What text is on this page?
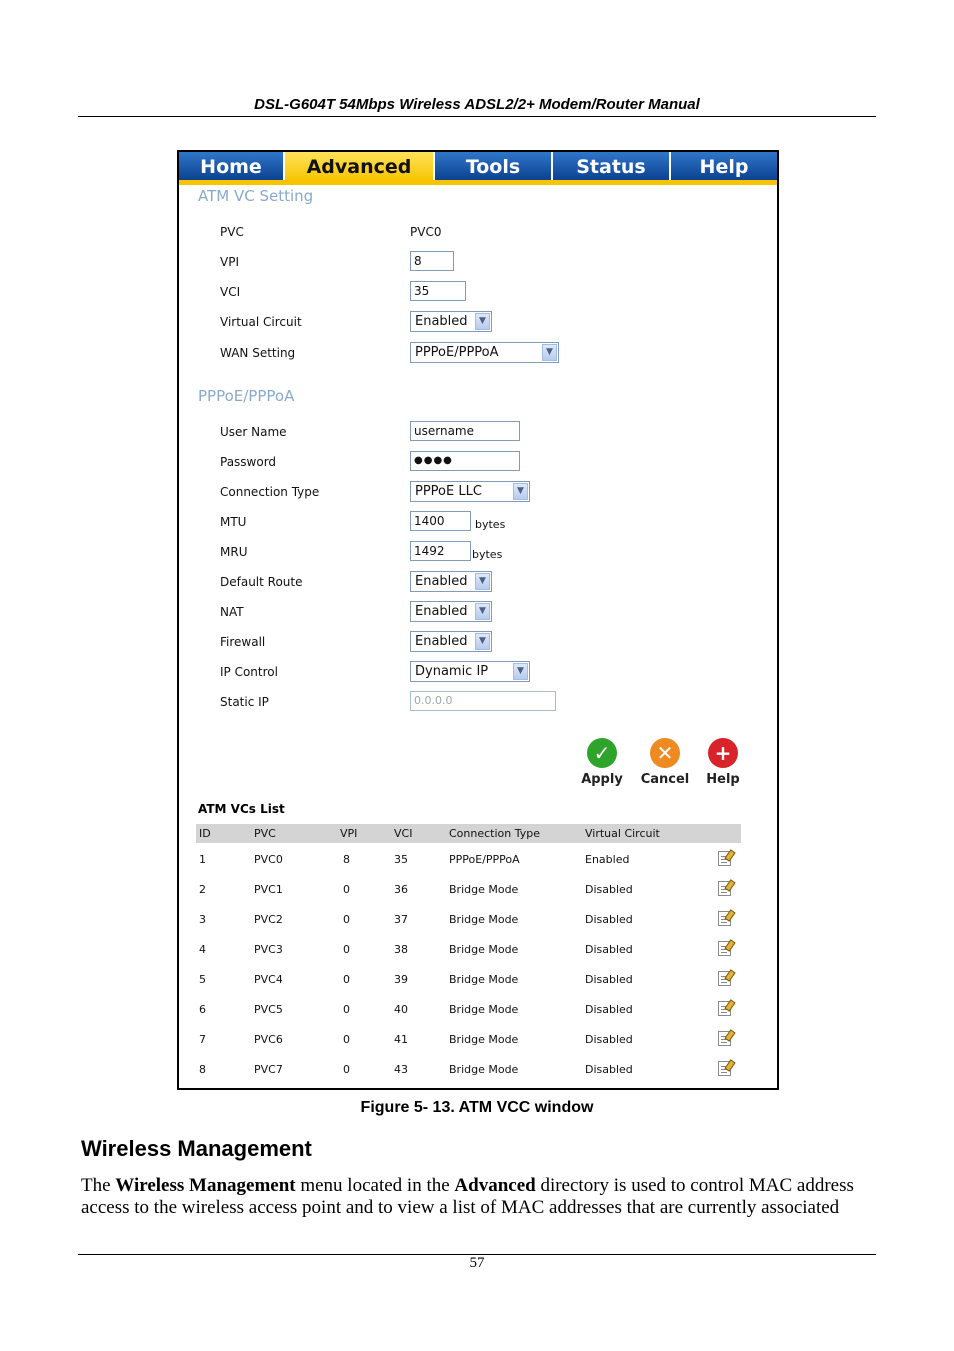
DSL-G604T 54Mbps Wireless ADSL2/2+ Modem/Router Manual
Home	Advanced	Tools	Status	Help
ATM VC Setting
PVC	PVC0
VPI	8
VCI	35
Virtual Circuit	Enabled	▼
WAN Setting	PPPoE/PPPoA	▼
PPPoE/PPPoA
User Name	username
Password	●●●●
Connection Type	PPPoE LLC	▼
MTU	1400	bytes
MRU	1492	bytes
Default Route	Enabled	▼
NAT	Enabled	▼
Firewall	Enabled	▼
IP Control	Dynamic IP	▼
Static IP	0.0.0.0
✓
Apply
✕
Cancel
+
Help
ATM VCs List
ID	PVC	VPI	VCI	Connection Type	Virtual Circuit
1	PVC0	8	35	PPPoE/PPPoA	Enabled
2	PVC1	0	36	Bridge Mode	Disabled
3	PVC2	0	37	Bridge Mode	Disabled
4	PVC3	0	38	Bridge Mode	Disabled
5	PVC4	0	39	Bridge Mode	Disabled
6	PVC5	0	40	Bridge Mode	Disabled
7	PVC6	0	41	Bridge Mode	Disabled
8	PVC7	0	43	Bridge Mode	Disabled
Figure 5- 13. ATM VCC window
Wireless Management
The Wireless Management menu located in the Advanced directory is used to control MAC address access to the wireless access point and to view a list of MAC addresses that are currently associated
57
